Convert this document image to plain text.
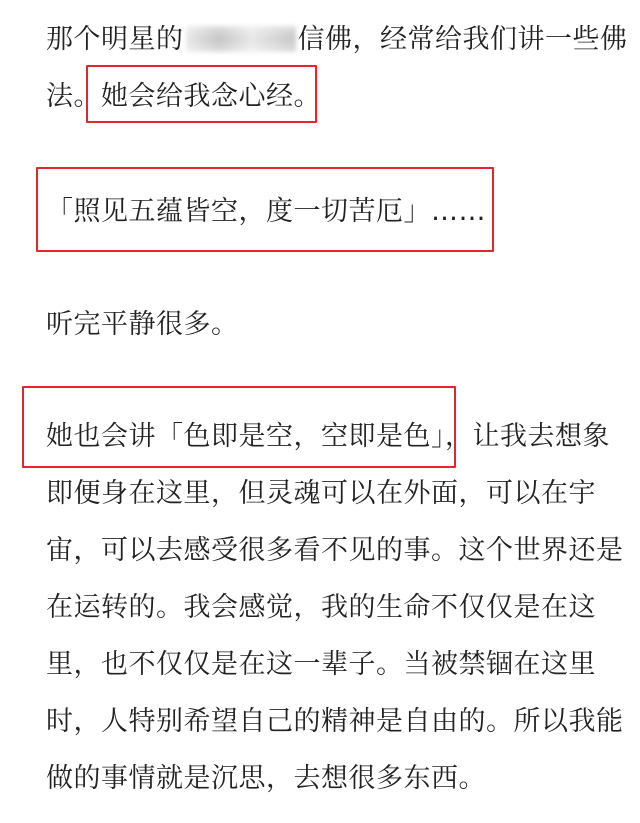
那个明星的	信佛，经常给我们讲一些佛

法。她会给我念心经。

「照见五蕴皆空，度一切苦厄」……

听完平静很多。

她也会讲「色即是空，空即是色」，让我去想象

即便身在这里，但灵魂可以在外面，可以在宇

宙，可以去感受很多看不见的事。这个世界还是

在运转的。我会感觉，我的生命不仅仅是在这

里，也不仅仅是在这一辈子。当被禁锢在这里

时，人特别希望自己的精神是自由的。所以我能

做的事情就是沉思，去想很多东西。
